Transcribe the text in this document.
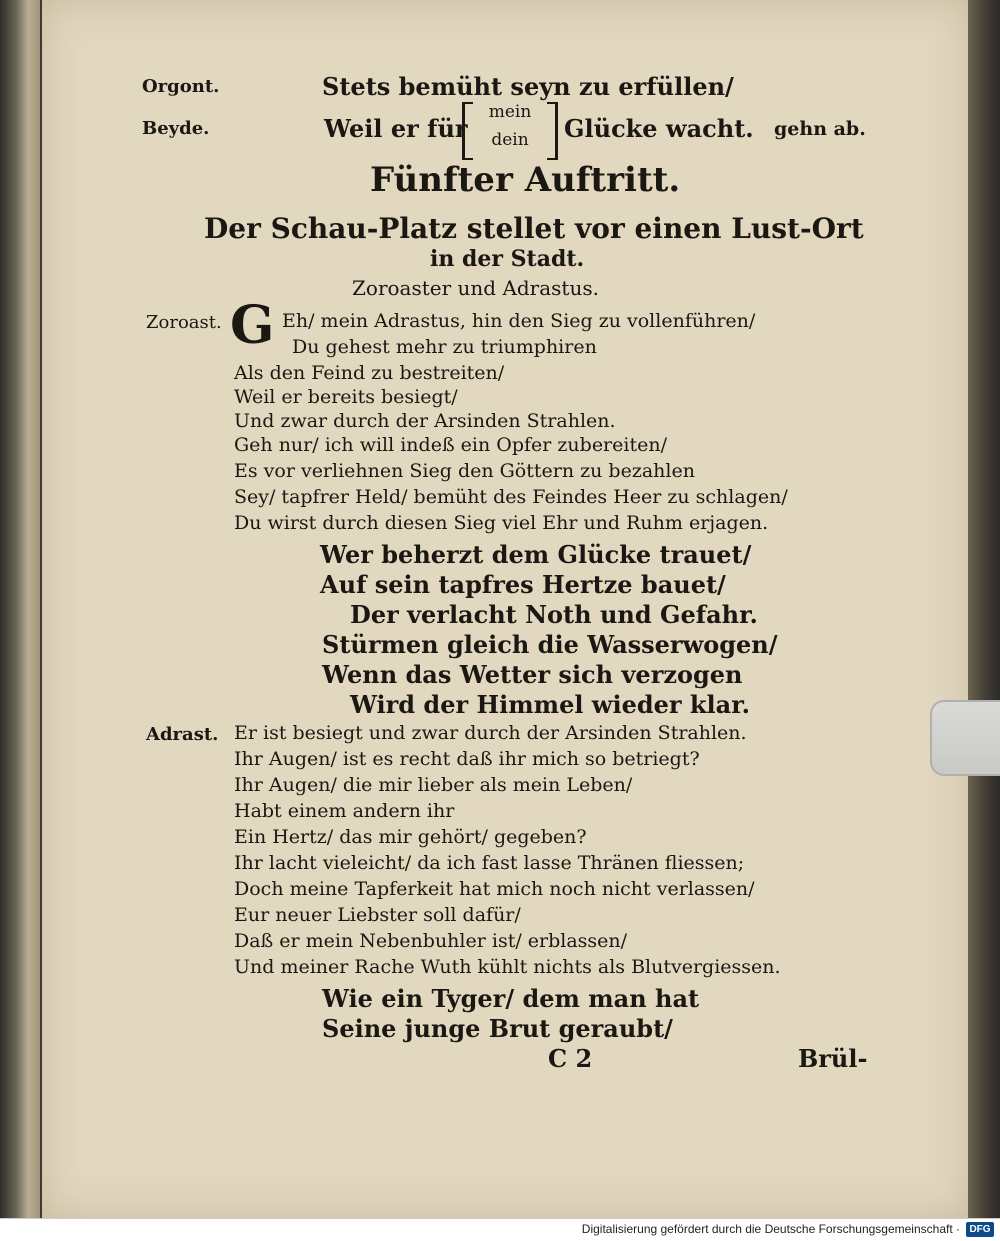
Orgont.	Stets bemüht seyn zu erfüllen/
Beyde.	Weil er für
mein
dein	Glücke wacht. gehn ab.
Fünfter Auftritt.
Der Schau-Platz stellet vor einen Lust-Ort
in der Stadt.
Zoroaster und Adrastus.
Zoroast. G Eh/ mein Adrastus, hin den Sieg zu vollenführen/
Du gehest mehr zu triumphiren
Als den Feind zu bestreiten/
Weil er bereits besiegt/
Und zwar durch der Arsinden Strahlen.
Geh nur/ ich will indeß ein Opfer zubereiten/
Es vor verliehnen Sieg den Göttern zu bezahlen
Sey/ tapfrer Held/ bemüht des Feindes Heer zu schlagen/
Du wirst durch diesen Sieg viel Ehr und Ruhm erjagen.
Wer beherzt dem Glücke trauet/
Auf sein tapfres Hertze bauet/
Der verlacht Noth und Gefahr.
Stürmen gleich die Wasserwogen/
Wenn das Wetter sich verzogen
Wird der Himmel wieder klar.
Adrast. Er ist besiegt und zwar durch der Arsinden Strahlen.
Ihr Augen/ ist es recht daß ihr mich so betriegt?
Ihr Augen/ die mir lieber als mein Leben/
Habt einem andern ihr
Ein Hertz/ das mir gehört/ gegeben?
Ihr lacht vieleicht/ da ich fast lasse Thränen fliessen;
Doch meine Tapferkeit hat mich noch nicht verlassen/
Eur neuer Liebster soll dafür/
Daß er mein Nebenbuhler ist/ erblassen/
Und meiner Rache Wuth kühlt nichts als Blutvergiessen.
Wie ein Tyger/ dem man hat
Seine junge Brut geraubt/
C 2	Brül-
Digitalisierung gefördert durch die Deutsche Forschungsgemeinschaft · DFG
